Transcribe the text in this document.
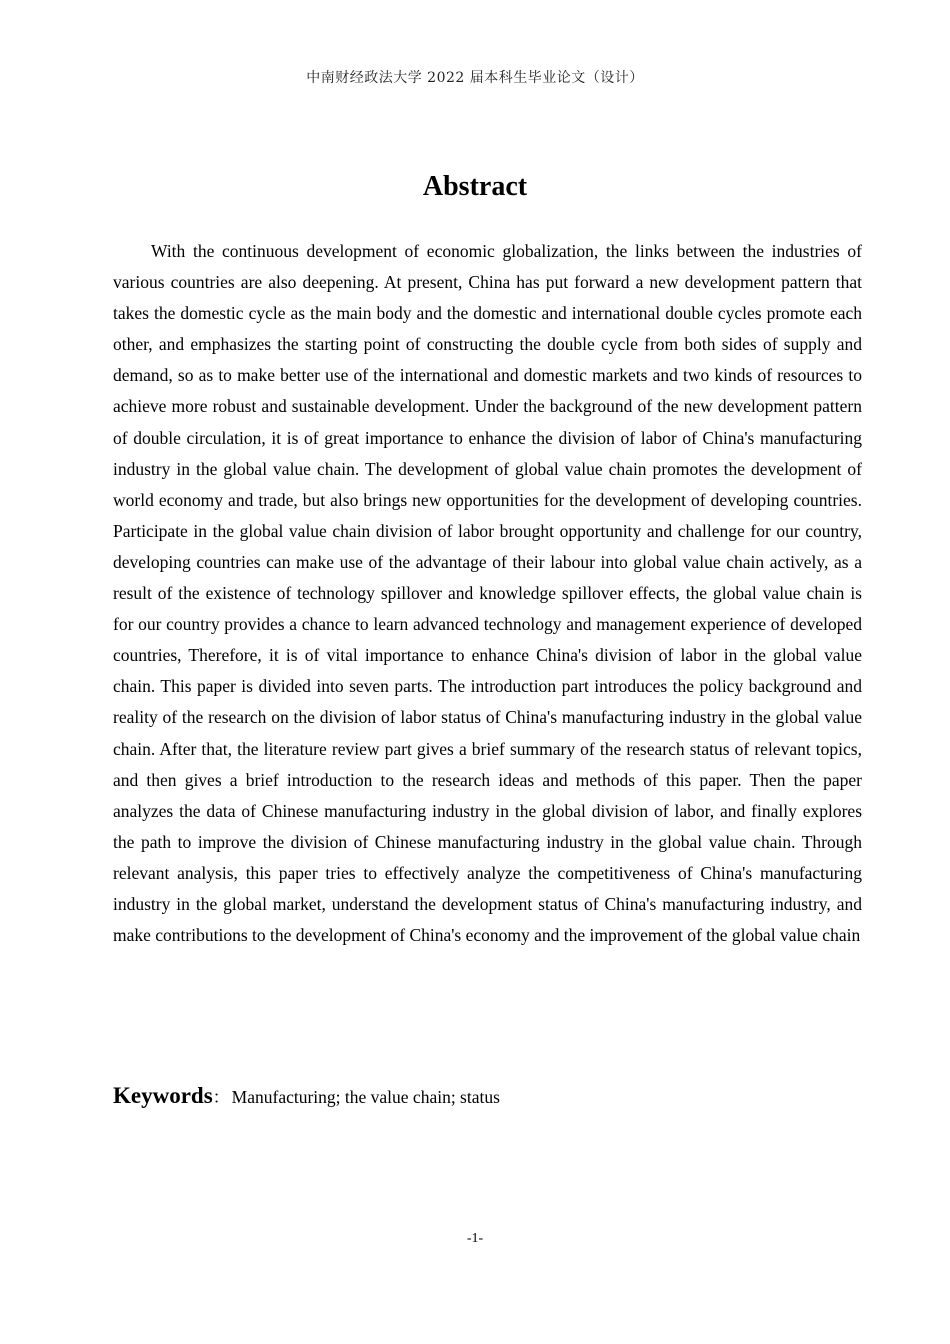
中南财经政法大学 2022 届本科生毕业论文（设计）
Abstract

With the continuous development of economic globalization, the links between the industries of various countries are also deepening. At present, China has put forward a new development pattern that takes the domestic cycle as the main body and the domestic and international double cycles promote each other, and emphasizes the starting point of constructing the double cycle from both sides of supply and demand, so as to make better use of the international and domestic markets and two kinds of resources to achieve more robust and sustainable development. Under the background of the new development pattern of double circulation, it is of great importance to enhance the division of labor of China's manufacturing industry in the global value chain. The development of global value chain promotes the development of world economy and trade, but also brings new opportunities for the development of developing countries. Participate in the global value chain division of labor brought opportunity and challenge for our country, developing countries can make use of the advantage of their labour into global value chain actively, as a result of the existence of technology spillover and knowledge spillover effects, the global value chain is for our country provides a chance to learn advanced technology and management experience of developed countries, Therefore, it is of vital importance to enhance China's division of labor in the global value chain. This paper is divided into seven parts. The introduction part introduces the policy background and reality of the research on the division of labor status of China's manufacturing industry in the global value chain. After that, the literature review part gives a brief summary of the research status of relevant topics, and then gives a brief introduction to the research ideas and methods of this paper. Then the paper analyzes the data of Chinese manufacturing industry in the global division of labor, and finally explores the path to improve the division of Chinese manufacturing industry in the global value chain. Through relevant analysis, this paper tries to effectively analyze the competitiveness of China's manufacturing industry in the global market, understand the development status of China's manufacturing industry, and make contributions to the development of China's economy and the improvement of the global value chain

Keywords： Manufacturing; the value chain; status

-1-
